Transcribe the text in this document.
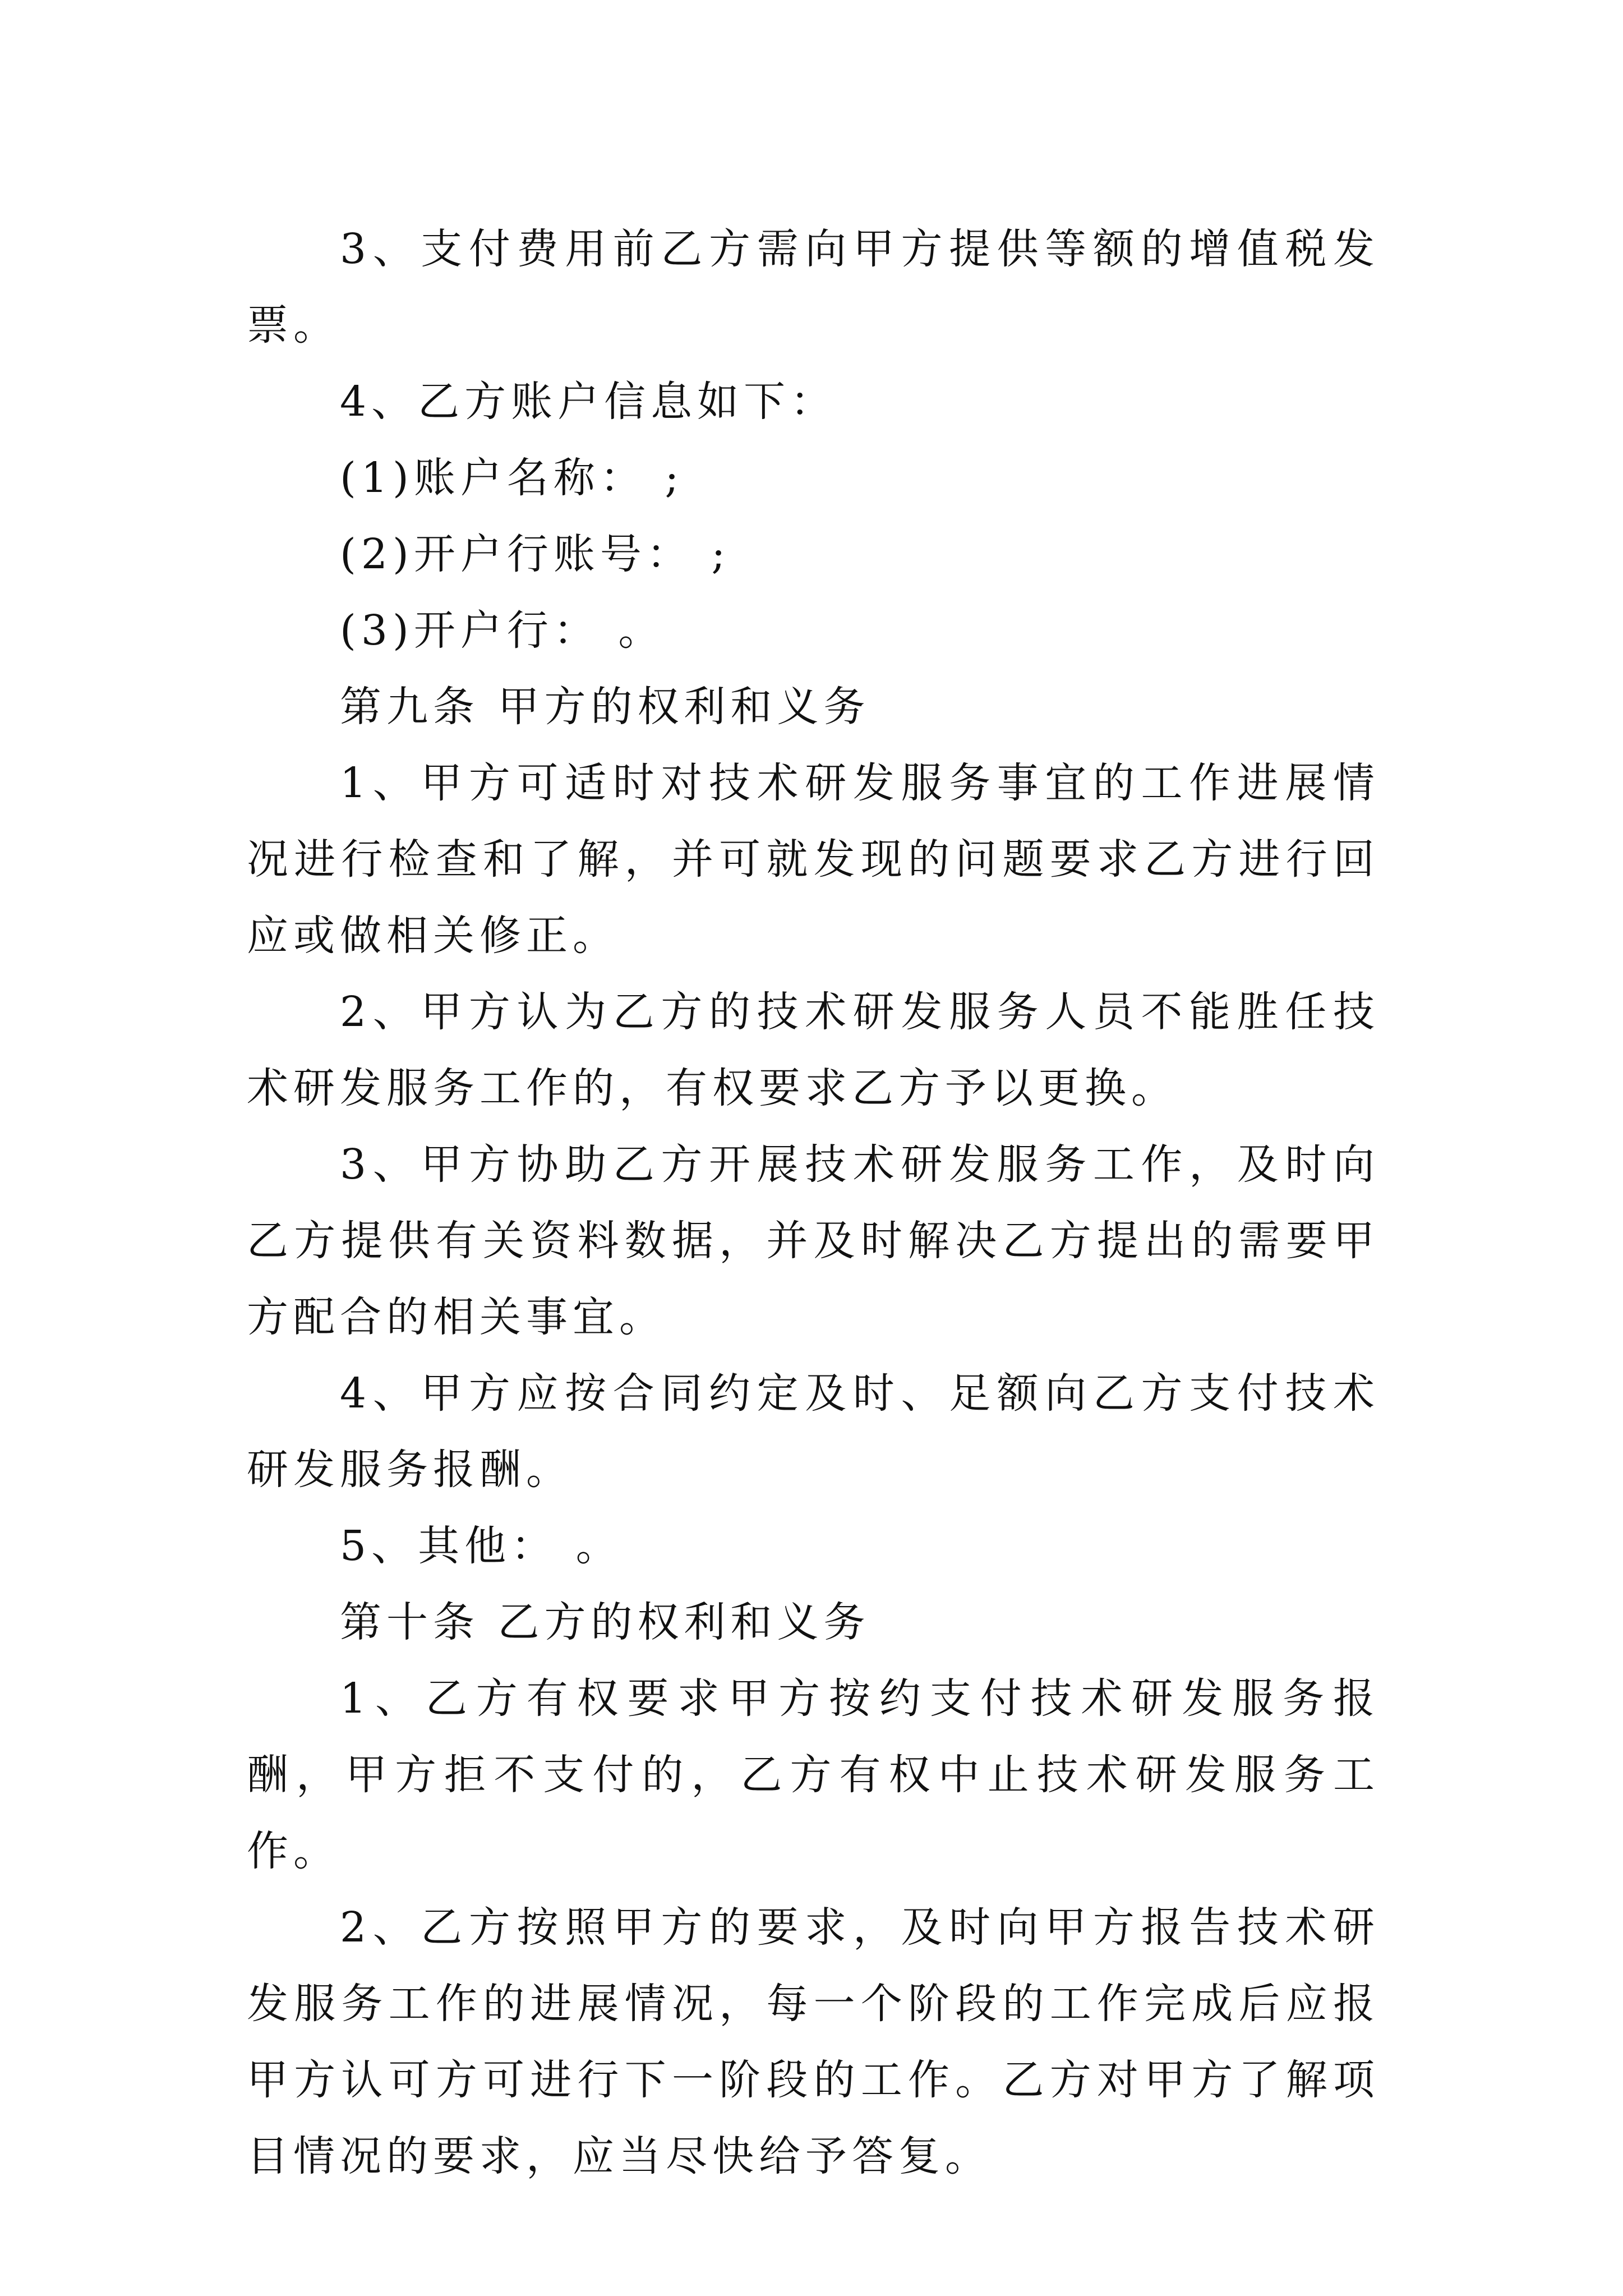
3、支付费用前乙方需向甲方提供等额的增值税发票。

4、乙方账户信息如下：

(1)账户名称： ;

(2)开户行账号： ;

(3)开户行： 。

第九条 甲方的权利和义务

1、甲方可适时对技术研发服务事宜的工作进展情况进行检查和了解，并可就发现的问题要求乙方进行回应或做相关修正。

2、甲方认为乙方的技术研发服务人员不能胜任技术研发服务工作的，有权要求乙方予以更换。

3、甲方协助乙方开展技术研发服务工作，及时向乙方提供有关资料数据，并及时解决乙方提出的需要甲方配合的相关事宜。

4、甲方应按合同约定及时、足额向乙方支付技术研发服务报酬。

5、其他： 。

第十条 乙方的权利和义务

1、乙方有权要求甲方按约支付技术研发服务报酬，甲方拒不支付的，乙方有权中止技术研发服务工作。

2、乙方按照甲方的要求，及时向甲方报告技术研发服务工作的进展情况，每一个阶段的工作完成后应报甲方认可方可进行下一阶段的工作。乙方对甲方了解项目情况的要求，应当尽快给予答复。
